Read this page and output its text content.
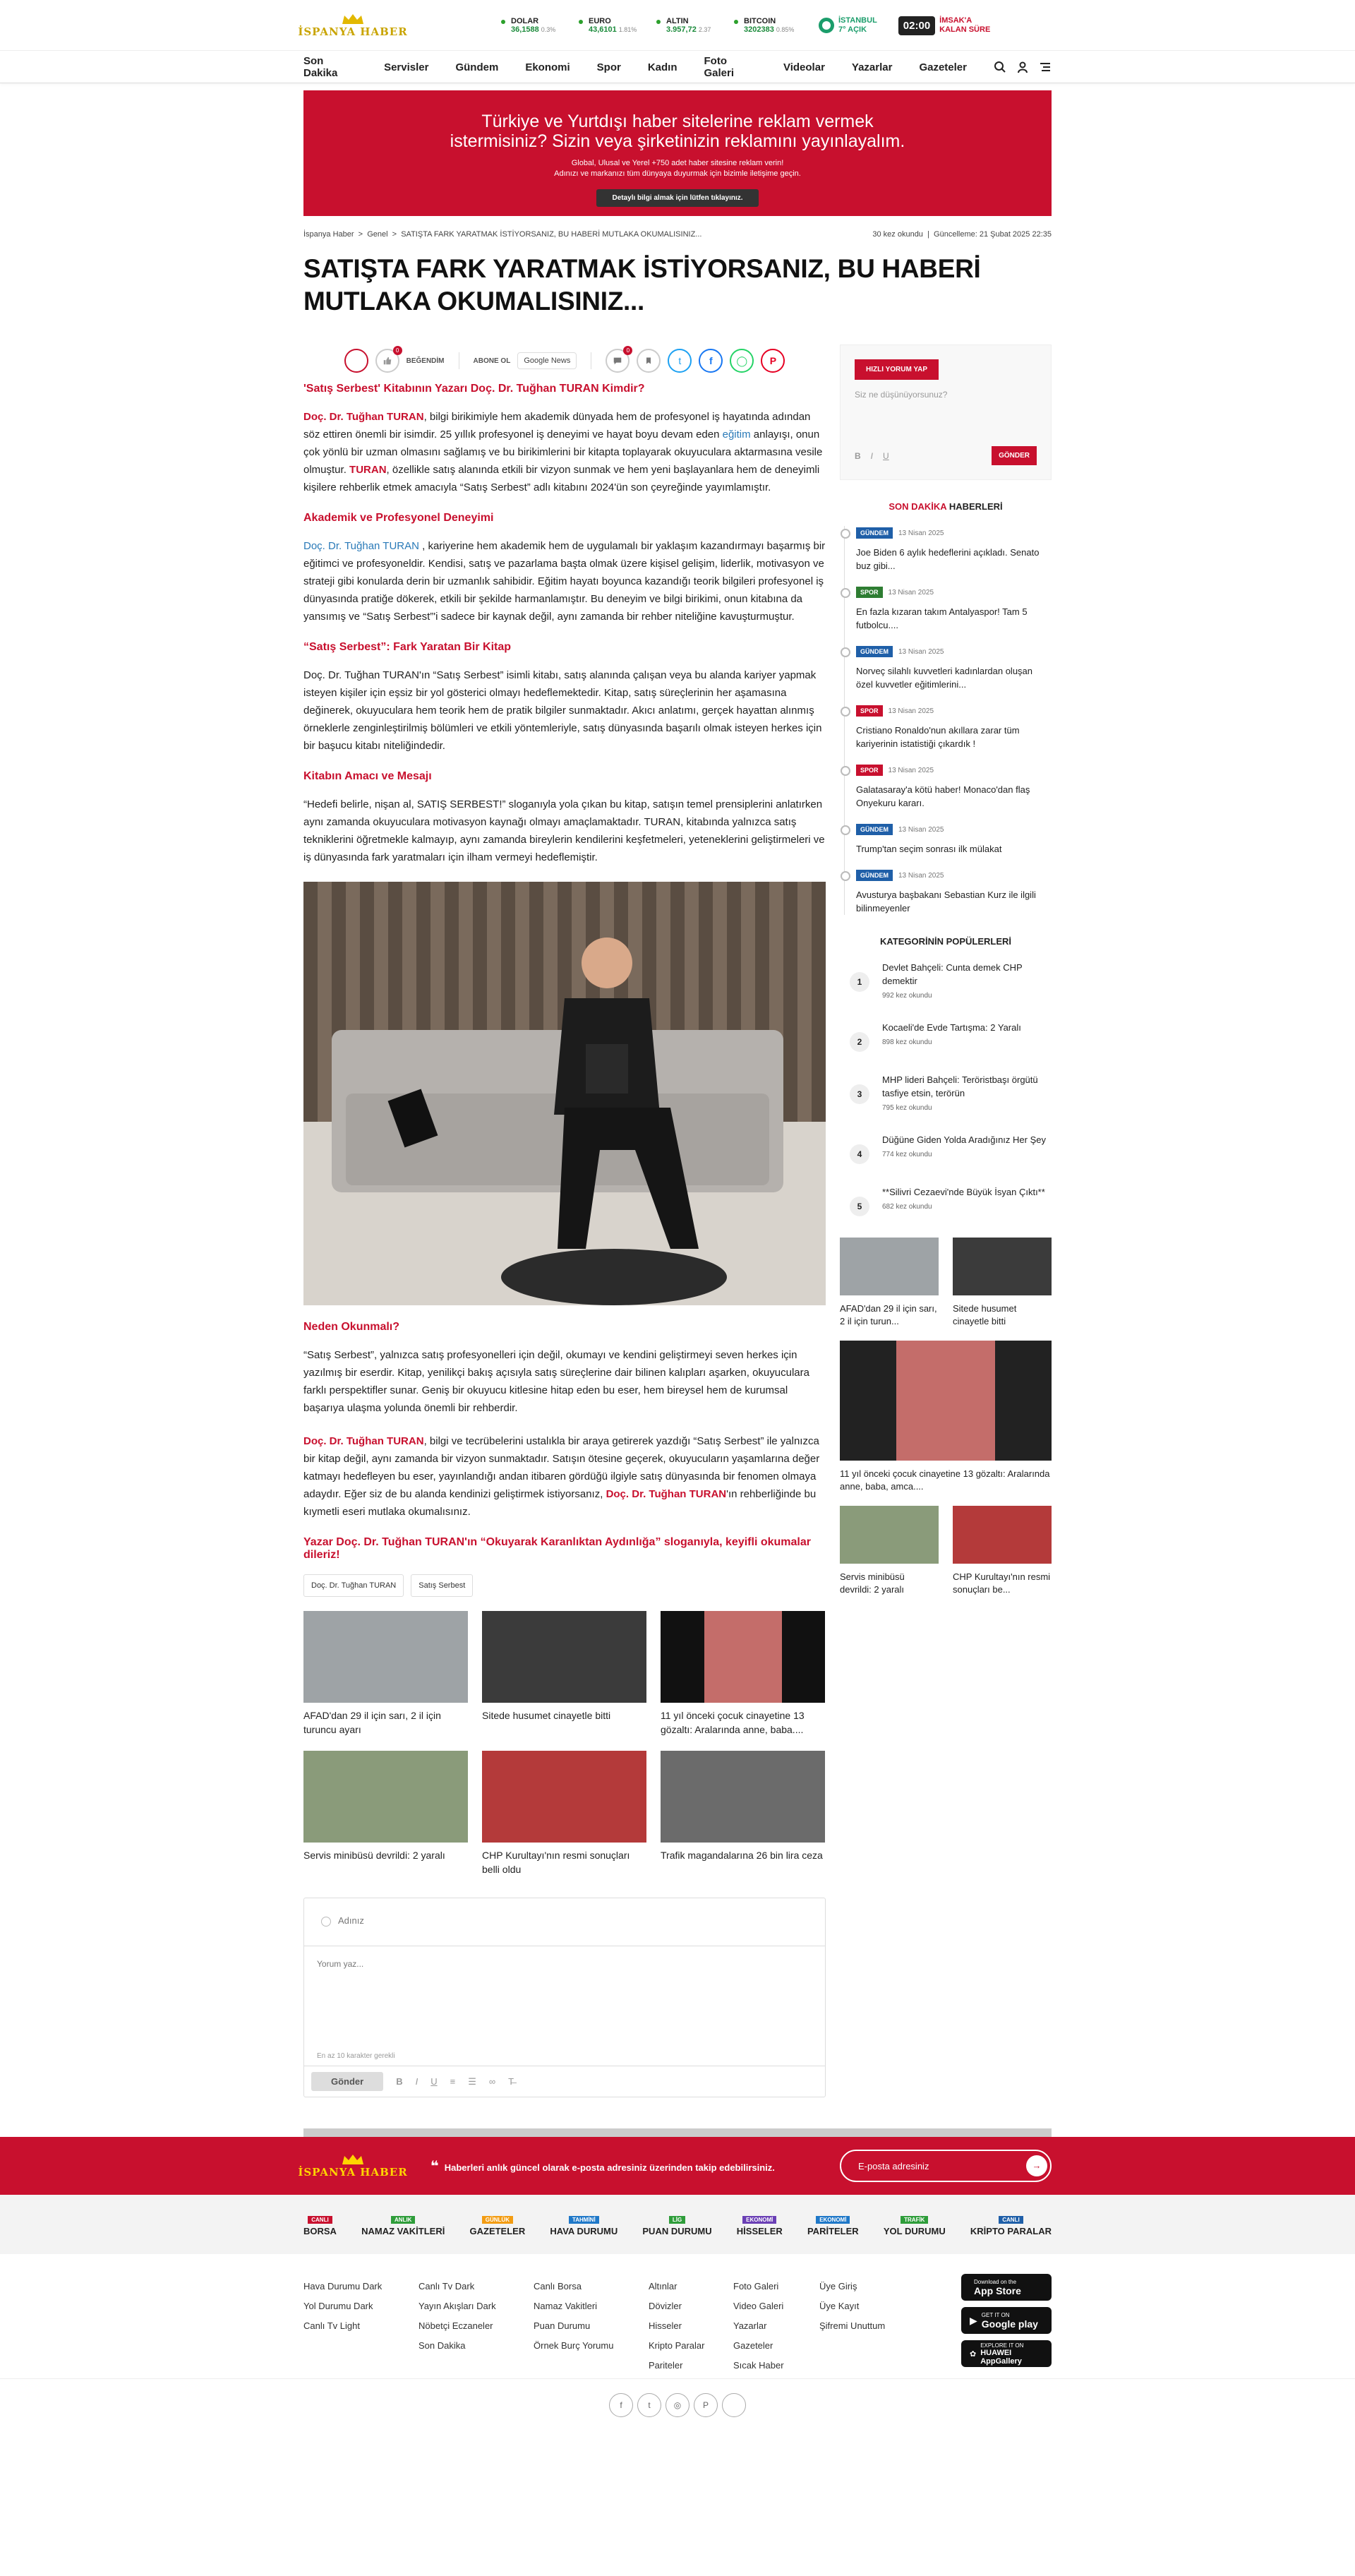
İSPANYA HABER
DOLAR
36,1588 0.3%
EURO
43,6101 1.81%
ALTIN
3.957,72 2.37
BITCOIN
3202383 0.85%
İSTANBUL
7° AÇIK	02:00	İMSAK'A
KALAN SÜRE
Son Dakika	Servisler	Gündem	Ekonomi	Spor	Kadın	Foto Galeri	Videolar	Yazarlar	Gazeteler
Türkiye ve Yurtdışı haber sitelerine reklam vermek
istermisiniz? Sizin veya şirketinizin reklamını yayınlayalım.

Global, Ulusal ve Yerel +750 adet haber sitesine reklam verin!

Adınızı ve markanızı tüm dünyaya duyurmak için bizimle iletişime geçin.

Detaylı bilgi almak için lütfen tıklayınız.
İspanya Haber  >  Genel  >  SATIŞTA FARK YARATMAK İSTİYORSANIZ, BU HABERİ MUTLAKA OKUMALISINIZ...	30 kez okundu  |  Güncelleme: 21 Şubat 2025 22:35
SATIŞTA FARK YARATMAK İSTİYORSANIZ, BU HABERİ MUTLAKA OKUMALISINIZ...
0
BEĞENDİM	ABONE OL	Google News
0
t	f	◯	P
'Satış Serbest' Kitabının Yazarı Doç. Dr. Tuğhan TURAN Kimdir?

Doç. Dr. Tuğhan TURAN, bilgi birikimiyle hem akademik dünyada hem de profesyonel iş hayatında adından söz ettiren önemli bir isimdir. 25 yıllık profesyonel iş deneyimi ve hayat boyu devam eden eğitim anlayışı, onun çok yönlü bir uzman olmasını sağlamış ve bu birikimlerini bir kitapta toplayarak okuyuculara aktarmasına vesile olmuştur. TURAN, özellikle satış alanında etkili bir vizyon sunmak ve hem yeni başlayanlara hem de deneyimli kişilere rehberlik etmek amacıyla “Satış Serbest” adlı kitabını 2024'ün son çeyreğinde yayımlamıştır.

Akademik ve Profesyonel Deneyimi

Doç. Dr. Tuğhan TURAN , kariyerine hem akademik hem de uygulamalı bir yaklaşım kazandırmayı başarmış bir eğitimci ve profesyoneldir. Kendisi, satış ve pazarlama başta olmak üzere kişisel gelişim, liderlik, motivasyon ve strateji gibi konularda derin bir uzmanlık sahibidir. Eğitim hayatı boyunca kazandığı teorik bilgileri profesyonel iş dünyasında pratiğe dökerek, etkili bir şekilde harmanlamıştır. Bu deneyim ve bilgi birikimi, onun kitabına da yansımış ve “Satış Serbest”'i sadece bir kaynak değil, aynı zamanda bir rehber niteliğine kavuşturmuştur.

“Satış Serbest”: Fark Yaratan Bir Kitap

Doç. Dr. Tuğhan TURAN'ın “Satış Serbest” isimli kitabı, satış alanında çalışan veya bu alanda kariyer yapmak isteyen kişiler için eşsiz bir yol gösterici olmayı hedeflemektedir. Kitap, satış süreçlerinin her aşamasına değinerek, okuyuculara hem teorik hem de pratik bilgiler sunmaktadır. Akıcı anlatımı, gerçek hayattan alınmış örneklerle zenginleştirilmiş bölümleri ve etkili yöntemleriyle, satış dünyasında başarılı olmak isteyen herkes için bir başucu kitabı niteliğindedir.

Kitabın Amacı ve Mesajı

“Hedefi belirle, nişan al, SATIŞ SERBEST!” sloganıyla yola çıkan bu kitap, satışın temel prensiplerini anlatırken aynı zamanda okuyuculara motivasyon kaynağı olmayı amaçlamaktadır. TURAN, kitabında yalnızca satış tekniklerini öğretmekle kalmayıp, aynı zamanda bireylerin kendilerini keşfetmeleri, yeteneklerini geliştirmeleri ve iş dünyasında fark yaratmaları için ilham vermeyi hedeflemiştir.

Neden Okunmalı?

“Satış Serbest”, yalnızca satış profesyonelleri için değil, okumayı ve kendini geliştirmeyi seven herkes için yazılmış bir eserdir. Kitap, yenilikçi bakış açısıyla satış süreçlerine dair bilinen kalıpları aşarken, okuyuculara farklı perspektifler sunar. Geniş bir okuyucu kitlesine hitap eden bu eser, hem bireysel hem de kurumsal başarıya ulaşma yolunda önemli bir rehberdir.

Doç. Dr. Tuğhan TURAN, bilgi ve tecrübelerini ustalıkla bir araya getirerek yazdığı “Satış Serbest” ile yalnızca bir kitap değil, aynı zamanda bir vizyon sunmaktadır. Satışın ötesine geçerek, okuyucuların yaşamlarına değer katmayı hedefleyen bu eser, yayınlandığı andan itibaren gördüğü ilgiyle satış dünyasında bir fenomen olmaya adaydır. Eğer siz de bu alanda kendinizi geliştirmek istiyorsanız, Doç. Dr. Tuğhan TURAN'ın rehberliğinde bu kıymetli eseri mutlaka okumalısınız.

Yazar Doç. Dr. Tuğhan TURAN'ın “Okuyarak Karanlıktan Aydınlığa” sloganıyla, keyifli okumalar dileriz!
Doç. Dr. Tuğhan TURAN	Satış Serbest
AFAD'dan 29 il için sarı, 2 il için turuncu ayarı
Sitede husumet cinayetle bitti	11 yıl önceki çocuk cinayetine 13 gözaltı: Aralarında anne, baba....
Servis minibüsü devrildi: 2 yaralı	CHP Kurultayı'nın resmi sonuçları belli oldu
Trafik magandalarına 26 bin lira ceza
Adınız
Yorum yaz...
En az 10 karakter gerekli
Gönder	B I U ≡ ☰ ∞ T̶
HIZLI YORUM YAP
Siz ne düşünüyorsunuz?
B I U	GÖNDER
SON DAKİKA HABERLERİ
GÜNDEM 13 Nisan 2025
Joe Biden 6 aylık hedeflerini açıkladı. Senato buz gibi...
SPOR 13 Nisan 2025
En fazla kızaran takım Antalyaspor! Tam 5 futbolcu....
GÜNDEM 13 Nisan 2025
Norveç silahlı kuvvetleri kadınlardan oluşan özel kuvvetler eğitimlerini...
SPOR 13 Nisan 2025
Cristiano Ronaldo'nun akıllara zarar tüm kariyerinin istatistiği çıkardık !
SPOR 13 Nisan 2025
Galatasaray'a kötü haber! Monaco'dan flaş Onyekuru kararı.
GÜNDEM 13 Nisan 2025
Trump'tan seçim sonrası ilk mülakat
GÜNDEM 13 Nisan 2025
Avusturya başbakanı Sebastian Kurz ile ilgili bilinmeyenler
KATEGORİNİN POPÜLERLERİ
1
Devlet Bahçeli: Cunta demek CHP demektir
992 kez okundu
2
Kocaeli'de Evde Tartışma: 2 Yaralı
898 kez okundu
3
MHP lideri Bahçeli: Teröristbaşı örgütü tasfiye etsin, terörün
795 kez okundu
4
Düğüne Giden Yolda Aradığınız Her Şey
774 kez okundu
5
**Silivri Cezaevi'nde Büyük İsyan Çıktı**
682 kez okundu
AFAD'dan 29 il için sarı, 2 il için turun...
Sitede husumet cinayetle bitti
11 yıl önceki çocuk cinayetine 13 gözaltı: Aralarında anne, baba, amca....
Servis minibüsü devrildi: 2 yaralı
CHP Kurultayı'nın resmi sonuçları be...
İSPANYA HABER ❝ Haberleri anlık güncel olarak e-posta adresiniz üzerinden takip edebilirsiniz.	E-posta adresiniz	→
CANLI
BORSA
ANLIK
NAMAZ VAKİTLERİ
GÜNLÜK
GAZETELER
TAHMİNİ
HAVA DURUMU
LİG
PUAN DURUMU
EKONOMİ
HİSSELER
EKONOMİ
PARİTELER
TRAFİK
YOL DURUMU
CANLI
KRİPTO PARALAR
Hava Durumu Dark
Yol Durumu Dark
Canlı Tv Light
Canlı Tv Dark
Yayın Akışları Dark
Nöbetçi Eczaneler
Son Dakika
Canlı Borsa
Namaz Vakitleri
Puan Durumu
Örnek Burç Yorumu
Altınlar
Dövizler
Hisseler
Kripto Paralar
Pariteler
Foto Galeri
Video Galeri
Yazarlar
Gazeteler
Sıcak Haber
Üye Giriş
Üye Kayıt
Şifremi Unuttum
Download on the
App Store
▶ GET IT ON
Google play
✿
EXPLORE IT ON
HUAWEI AppGallery
f	t	◎	P
